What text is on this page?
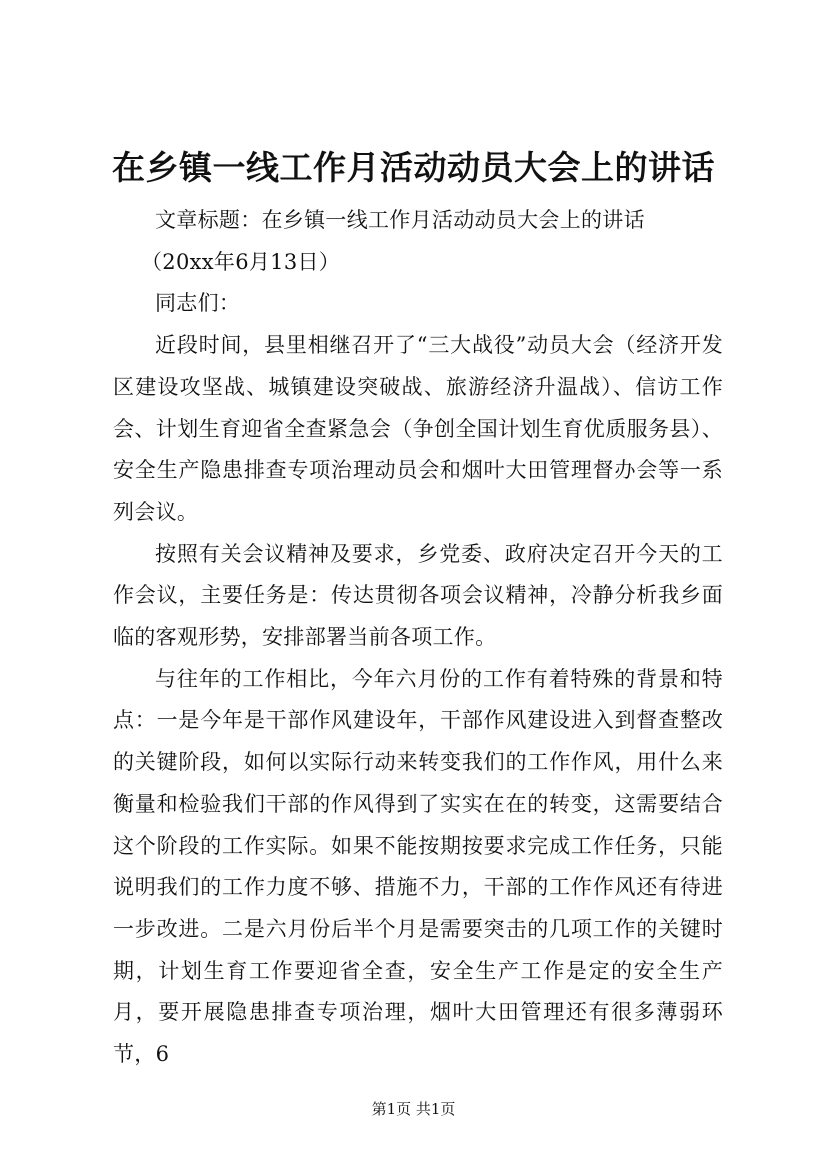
在乡镇一线工作月活动动员大会上的讲话

文章标题：在乡镇一线工作月活动动员大会上的讲话

（20xx年6月13日）

同志们：

近段时间，县里相继召开了“三大战役”动员大会（经济开发区建设攻坚战、城镇建设突破战、旅游经济升温战）、信访工作会、计划生育迎省全查紧急会（争创全国计划生育优质服务县）、安全生产隐患排查专项治理动员会和烟叶大田管理督办会等一系列会议。

按照有关会议精神及要求，乡党委、政府决定召开今天的工作会议，主要任务是：传达贯彻各项会议精神，冷静分析我乡面临的客观形势，安排部署当前各项工作。

与往年的工作相比，今年六月份的工作有着特殊的背景和特点：一是今年是干部作风建设年，干部作风建设进入到督查整改的关键阶段，如何以实际行动来转变我们的工作作风，用什么来衡量和检验我们干部的作风得到了实实在在的转变，这需要结合这个阶段的工作实际。如果不能按期按要求完成工作任务，只能说明我们的工作力度不够、措施不力，干部的工作作风还有待进一步改进。二是六月份后半个月是需要突击的几项工作的关键时期，计划生育工作要迎省全查，安全生产工作是定的安全生产月，要开展隐患排查专项治理，烟叶大田管理还有很多薄弱环节，6

第1页 共1页
